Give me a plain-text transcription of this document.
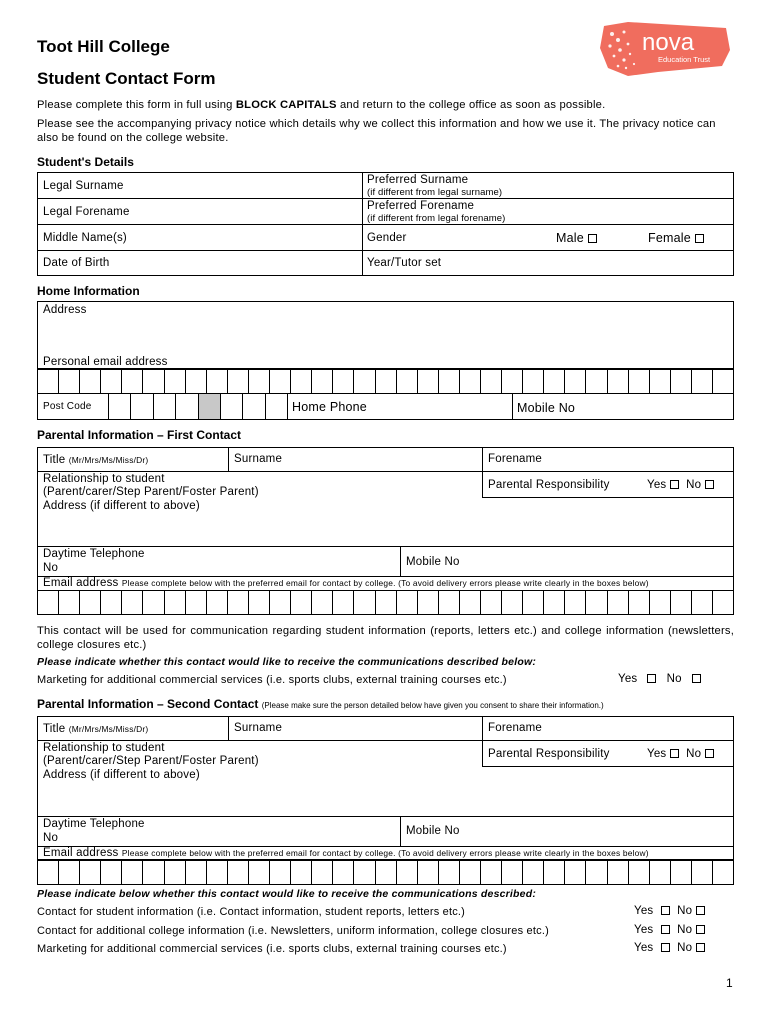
Toot Hill College
Student Contact Form
nova
Education Trust

Please complete this form in full using BLOCK CAPITALS and return to the college office as soon as possible.

Please see the accompanying privacy notice which details why we collect this information and how we use it. The privacy notice can also be found on the college website.

Student's Details
Legal Surname	Preferred Surname
(if different from legal surname)
Legal Forename	Preferred Forename
(if different from legal forename)
Middle Name(s)	Gender	Male	Female
Date of Birth	Year/Tutor set
Home Information
Address
Personal email address
Post Code	Home Phone	Mobile No
Parental Information – First Contact
Title (Mr/Mrs/Ms/Miss/Dr)	Surname	Forename
Relationship to student
(Parent/carer/Step Parent/Foster Parent)
Parental Responsibility	Yes No
Address (if different to above)
Daytime Telephone
No	Mobile No
Email address Please complete below with the preferred email for contact by college. (To avoid delivery errors please write clearly in the boxes below)

This contact will be used for communication regarding student information (reports, letters etc.) and college information (newsletters, college closures etc.)

Please indicate whether this contact would like to receive the communications described below:
Marketing for additional commercial services (i.e. sports clubs, external training courses etc.)	Yes	No
Parental Information – Second Contact (Please make sure the person detailed below have given you consent to share their information.)
Title (Mr/Mrs/Ms/Miss/Dr)	Surname	Forename
Relationship to student
(Parent/carer/Step Parent/Foster Parent)
Parental Responsibility	Yes No
Address (if different to above)
Daytime Telephone
No
Mobile No
Email address Please complete below with the preferred email for contact by college. (To avoid delivery errors please write clearly in the boxes below)
Please indicate below whether this contact would like to receive the communications described:
Contact for student information (i.e. Contact information, student reports, letters etc.)	Yes No
Contact for additional college information (i.e. Newsletters, uniform information, college closures etc.)	Yes No
Marketing for additional commercial services (i.e. sports clubs, external training courses etc.)	Yes No
1
